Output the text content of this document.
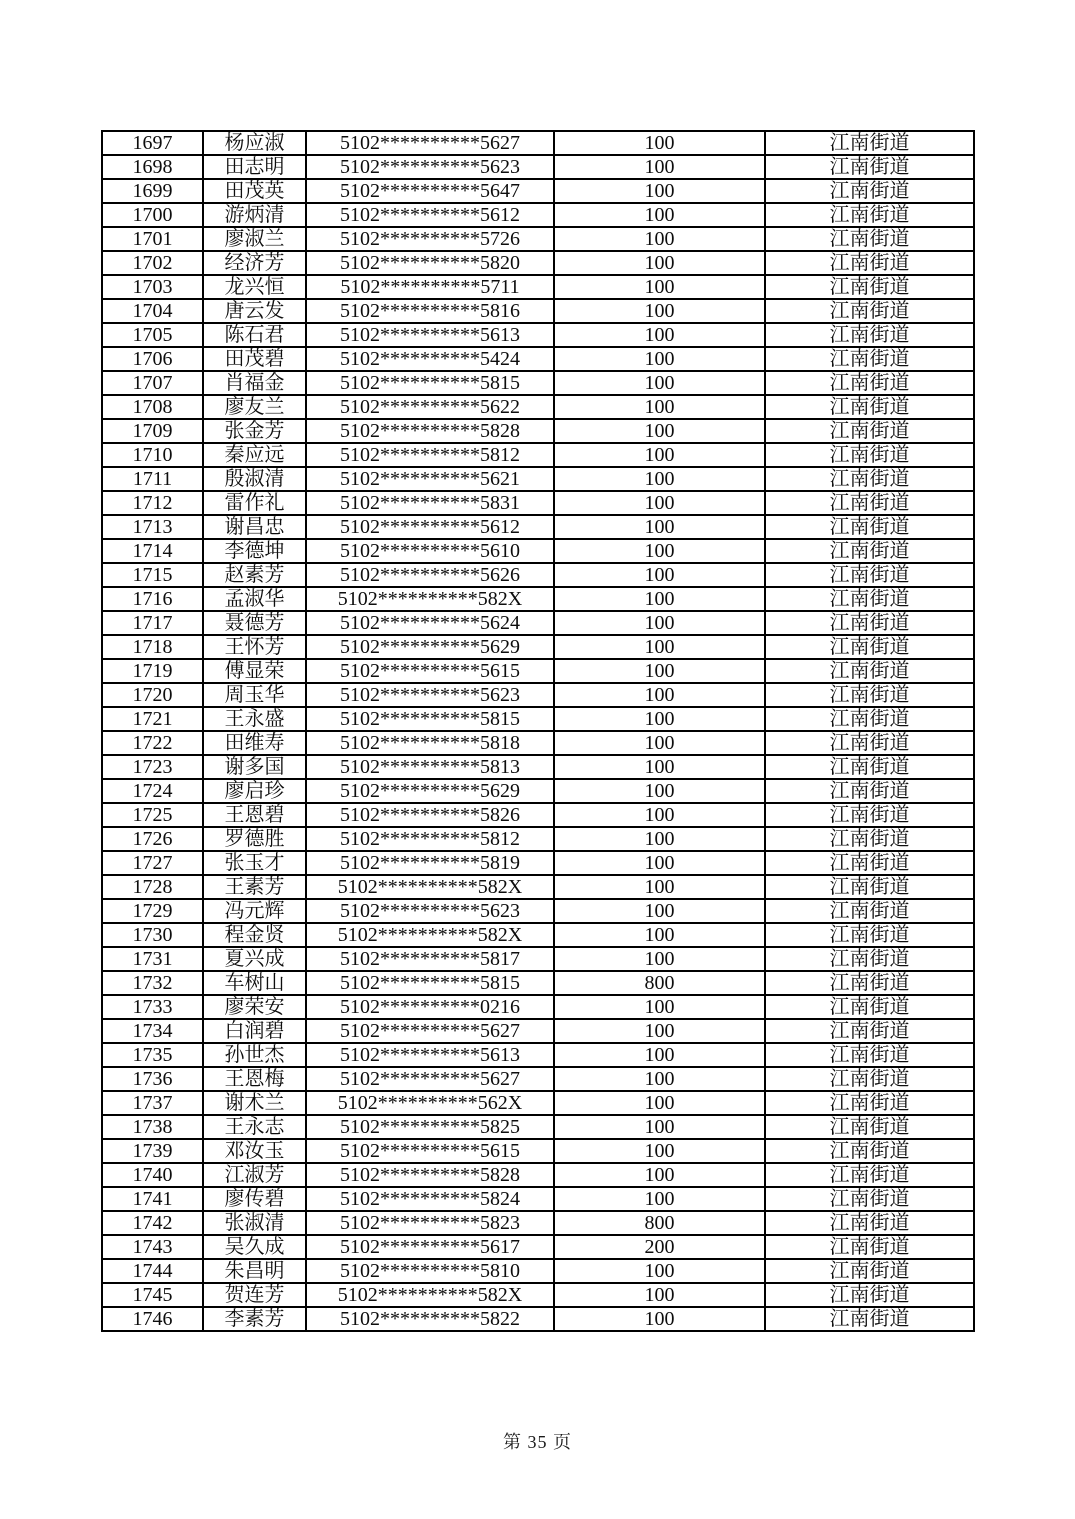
1697	杨应淑	5102**********5627	100	江南街道
1698	田志明	5102**********5623	100	江南街道
1699	田茂英	5102**********5647	100	江南街道
1700	游炳清	5102**********5612	100	江南街道
1701	廖淑兰	5102**********5726	100	江南街道
1702	经济芳	5102**********5820	100	江南街道
1703	龙兴恒	5102**********5711	100	江南街道
1704	唐云发	5102**********5816	100	江南街道
1705	陈石君	5102**********5613	100	江南街道
1706	田茂碧	5102**********5424	100	江南街道
1707	肖福金	5102**********5815	100	江南街道
1708	廖友兰	5102**********5622	100	江南街道
1709	张金芳	5102**********5828	100	江南街道
1710	秦应远	5102**********5812	100	江南街道
1711	殷淑清	5102**********5621	100	江南街道
1712	雷作礼	5102**********5831	100	江南街道
1713	谢昌忠	5102**********5612	100	江南街道
1714	李德坤	5102**********5610	100	江南街道
1715	赵素芳	5102**********5626	100	江南街道
1716	孟淑华	5102**********582X	100	江南街道
1717	聂德芳	5102**********5624	100	江南街道
1718	王怀芳	5102**********5629	100	江南街道
1719	傅显荣	5102**********5615	100	江南街道
1720	周玉华	5102**********5623	100	江南街道
1721	王永盛	5102**********5815	100	江南街道
1722	田维寿	5102**********5818	100	江南街道
1723	谢多国	5102**********5813	100	江南街道
1724	廖启珍	5102**********5629	100	江南街道
1725	王恩碧	5102**********5826	100	江南街道
1726	罗德胜	5102**********5812	100	江南街道
1727	张玉才	5102**********5819	100	江南街道
1728	王素芳	5102**********582X	100	江南街道
1729	冯元辉	5102**********5623	100	江南街道
1730	程金贤	5102**********582X	100	江南街道
1731	夏兴成	5102**********5817	100	江南街道
1732	车树山	5102**********5815	800	江南街道
1733	廖荣安	5102**********0216	100	江南街道
1734	白润碧	5102**********5627	100	江南街道
1735	孙世杰	5102**********5613	100	江南街道
1736	王恩梅	5102**********5627	100	江南街道
1737	谢术兰	5102**********562X	100	江南街道
1738	王永志	5102**********5825	100	江南街道
1739	邓汝玉	5102**********5615	100	江南街道
1740	江淑芳	5102**********5828	100	江南街道
1741	廖传碧	5102**********5824	100	江南街道
1742	张淑清	5102**********5823	800	江南街道
1743	吴久成	5102**********5617	200	江南街道
1744	朱昌明	5102**********5810	100	江南街道
1745	贺连芳	5102**********582X	100	江南街道
1746	李素芳	5102**********5822	100	江南街道
第 35 页
